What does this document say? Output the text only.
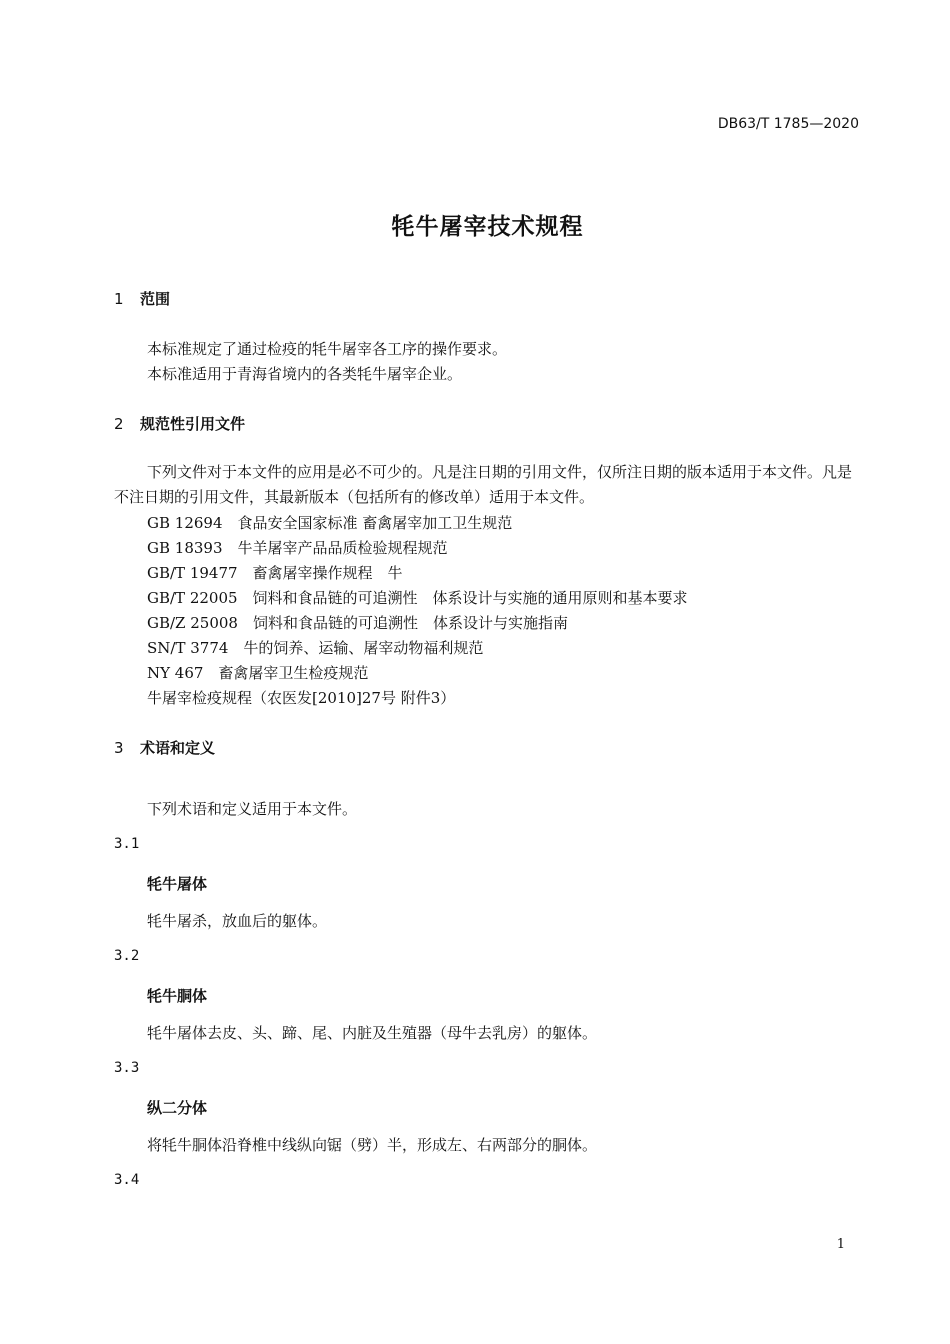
DB63/T 1785—2020
牦牛屠宰技术规程
1 范围
本标准规定了通过检疫的牦牛屠宰各工序的操作要求。
本标准适用于青海省境内的各类牦牛屠宰企业。
2 规范性引用文件
下列文件对于本文件的应用是必不可少的。凡是注日期的引用文件，仅所注日期的版本适用于本文件。凡是不注日期的引用文件，其最新版本（包括所有的修改单）适用于本文件。
GB 12694　食品安全国家标准 畜禽屠宰加工卫生规范
GB 18393　牛羊屠宰产品品质检验规程规范
GB/T 19477　畜禽屠宰操作规程　牛
GB/T 22005　饲料和食品链的可追溯性　体系设计与实施的通用原则和基本要求
GB/Z 25008　饲料和食品链的可追溯性　体系设计与实施指南
SN/T 3774　牛的饲养、运输、屠宰动物福利规范
NY 467　畜禽屠宰卫生检疫规范
牛屠宰检疫规程（农医发[2010]27号 附件3）
3 术语和定义
下列术语和定义适用于本文件。
3.1
牦牛屠体
牦牛屠杀，放血后的躯体。
3.2
牦牛胴体
牦牛屠体去皮、头、蹄、尾、内脏及生殖器（母牛去乳房）的躯体。
3.3
纵二分体
将牦牛胴体沿脊椎中线纵向锯（劈）半，形成左、右两部分的胴体。
3.4
1
